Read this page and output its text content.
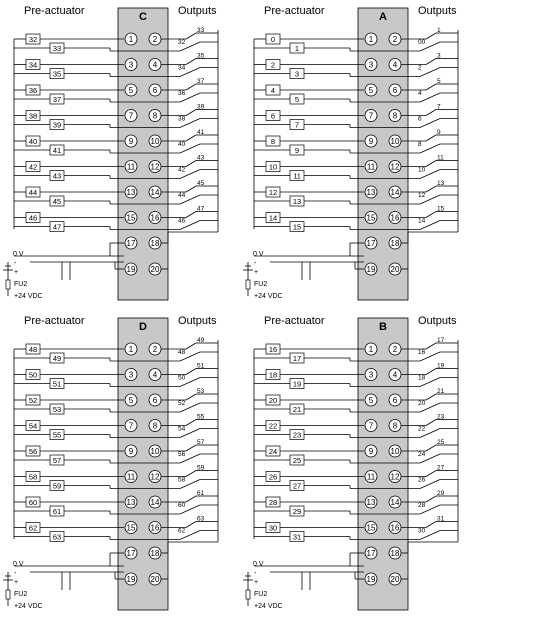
C
Pre-actuator	Outputs
32
33
1 2	32
33
34
35
3 4	34
35
36
37
5 6	36
37
38
39
7 8	38
39
40
41
9 10	40
41
42
43
11 12	42
43
44
45
13 14	44
45
46
47
15 16	46
47
17 18
19 20
0 V
-
+
FU2
+24 VDC
A
Pre-actuator	Outputs
0
1
1 2	00
1
2
3
3 4	2
3
4
5
5 6	4
5
6
7
7 8	6
7
8
9
9 10	8
9
10
11
11 12	10
11
12
13
13 14	12
13
14
15
15 16	14
15
17 18
19 20
0 V
-
+
FU2
+24 VDC
D
Pre-actuator	Outputs
48
49
1 2	48
49
50
51
3 4	50
51
52
53
5 6	52
53
54
55
7 8	54
55
56
57
9 10	56
57
58
59
11 12	58
59
60
61
13 14	60
61
62
63
15 16	62
63
17 18
19 20
0 V
-
+
FU2
+24 VDC
B
Pre-actuator	Outputs
16
17
1 2	16
17
18
19
3 4	18
19
20
21
5 6	20
21
22
23
7 8	22
23
24
25
9 10	24
25
26
27
11 12	26
27
28
29
13 14	28
29
30
31
15 16	30
31
17 18
19 20
0 V
-
+
FU2
+24 VDC
